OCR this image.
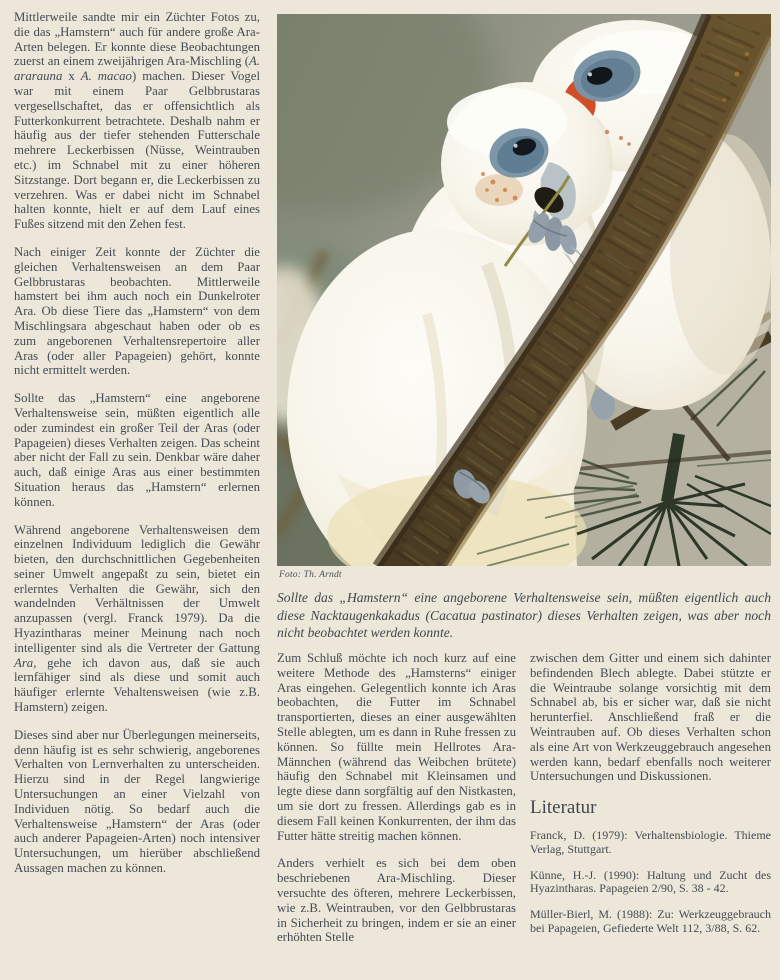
Mittlerweile sandte mir ein Züchter Fotos zu, die das „Hamstern“ auch für andere große Ara-Arten belegen. Er konnte diese Beobachtungen zuerst an einem zweijährigen Ara-Mischling (A. ararauna x A. macao) machen. Dieser Vogel war mit einem Paar Gelbbrustaras vergesellschaftet, das er offensichtlich als Futterkonkurrent betrachtete. Deshalb nahm er häufig aus der tiefer stehenden Futterschale mehrere Leckerbissen (Nüsse, Weintrauben etc.) im Schnabel mit zu einer höheren Sitzstange. Dort begann er, die Leckerbissen zu verzehren. Was er dabei nicht im Schnabel halten konnte, hielt er auf dem Lauf eines Fußes sitzend mit den Zehen fest.

Nach einiger Zeit konnte der Züchter die gleichen Verhaltensweisen an dem Paar Gelbbrustaras beobachten. Mittlerweile hamstert bei ihm auch noch ein Dunkelroter Ara. Ob diese Tiere das „Hamstern“ von dem Mischlingsara abgeschaut haben oder ob es zum angeborenen Verhaltensrepertoire aller Aras (oder aller Papageien) gehört, konnte nicht ermittelt werden.

Sollte das „Hamstern“ eine angeborene Verhaltensweise sein, müßten eigentlich alle oder zumindest ein großer Teil der Aras (oder Papageien) dieses Verhalten zeigen. Das scheint aber nicht der Fall zu sein. Denkbar wäre daher auch, daß einige Aras aus einer bestimmten Situation heraus das „Hamstern“ erlernen können.

Während angeborene Verhaltensweisen dem einzelnen Individuum lediglich die Gewähr bieten, den durchschnittlichen Gegebenheiten seiner Umwelt angepaßt zu sein, bietet ein erlerntes Verhalten die Gewähr, sich den wandelnden Verhältnissen der Umwelt anzupassen (vergl. Franck 1979). Da die Hyazintharas meiner Meinung nach noch intelligenter sind als die Vertreter der Gattung Ara, gehe ich davon aus, daß sie auch lernfähiger sind als diese und somit auch häufiger erlernte Vehaltensweisen (wie z.B. Hamstern) zeigen.

Dieses sind aber nur Überlegungen meinerseits, denn häufig ist es sehr schwierig, angeborenes Verhalten von Lernverhalten zu unterscheiden. Hierzu sind in der Regel langwierige Untersuchungen an einer Vielzahl von Individuen nötig. So bedarf auch die Verhaltensweise „Hamstern“ der Aras (oder auch anderer Papageien-Arten) noch intensiver Untersuchungen, um hierüber abschließend Aussagen machen zu können.

Foto: Th. Arndt
Sollte das „Hamstern“ eine angeborene Verhaltensweise sein, müßten eigentlich auch diese Nacktaugenkakadus (Cacatua pastinator) dieses Verhalten zeigen, was aber noch nicht beobachtet werden konnte.

Zum Schluß möchte ich noch kurz auf eine weitere Methode des „Hamsterns“ einiger Aras eingehen. Gelegentlich konnte ich Aras beobachten, die Futter im Schnabel transportierten, dieses an einer ausgewählten Stelle ablegten, um es dann in Ruhe fressen zu können. So füllte mein Hellrotes Ara-Männchen (während das Weibchen brütete) häufig den Schnabel mit Kleinsamen und legte diese dann sorgfältig auf den Nistkasten, um sie dort zu fressen. Allerdings gab es in diesem Fall keinen Konkurrenten, der ihm das Futter hätte streitig machen können.

Anders verhielt es sich bei dem oben beschriebenen Ara-Mischling. Dieser versuchte des öfteren, mehrere Leckerbissen, wie z.B. Weintrauben, vor den Gelbbrustaras in Sicherheit zu bringen, indem er sie an einer erhöhten Stelle

zwischen dem Gitter und einem sich dahinter befindenden Blech ablegte. Dabei stützte er die Weintraube solange vorsichtig mit dem Schnabel ab, bis er sicher war, daß sie nicht herunterfiel. Anschließend fraß er die Weintrauben auf. Ob dieses Verhalten schon als eine Art von Werkzeuggebrauch angesehen werden kann, bedarf ebenfalls noch weiterer Untersuchungen und Diskussionen.

Literatur

Franck, D. (1979): Verhaltensbiologie. Thieme Verlag, Stuttgart.

Künne, H.-J. (1990): Haltung und Zucht des Hyazintharas. Papageien 2/90, S. 38 - 42.

Müller-Bierl, M. (1988): Zu: Werkzeuggebrauch bei Papageien, Gefiederte Welt 112, 3/88, S. 62.
